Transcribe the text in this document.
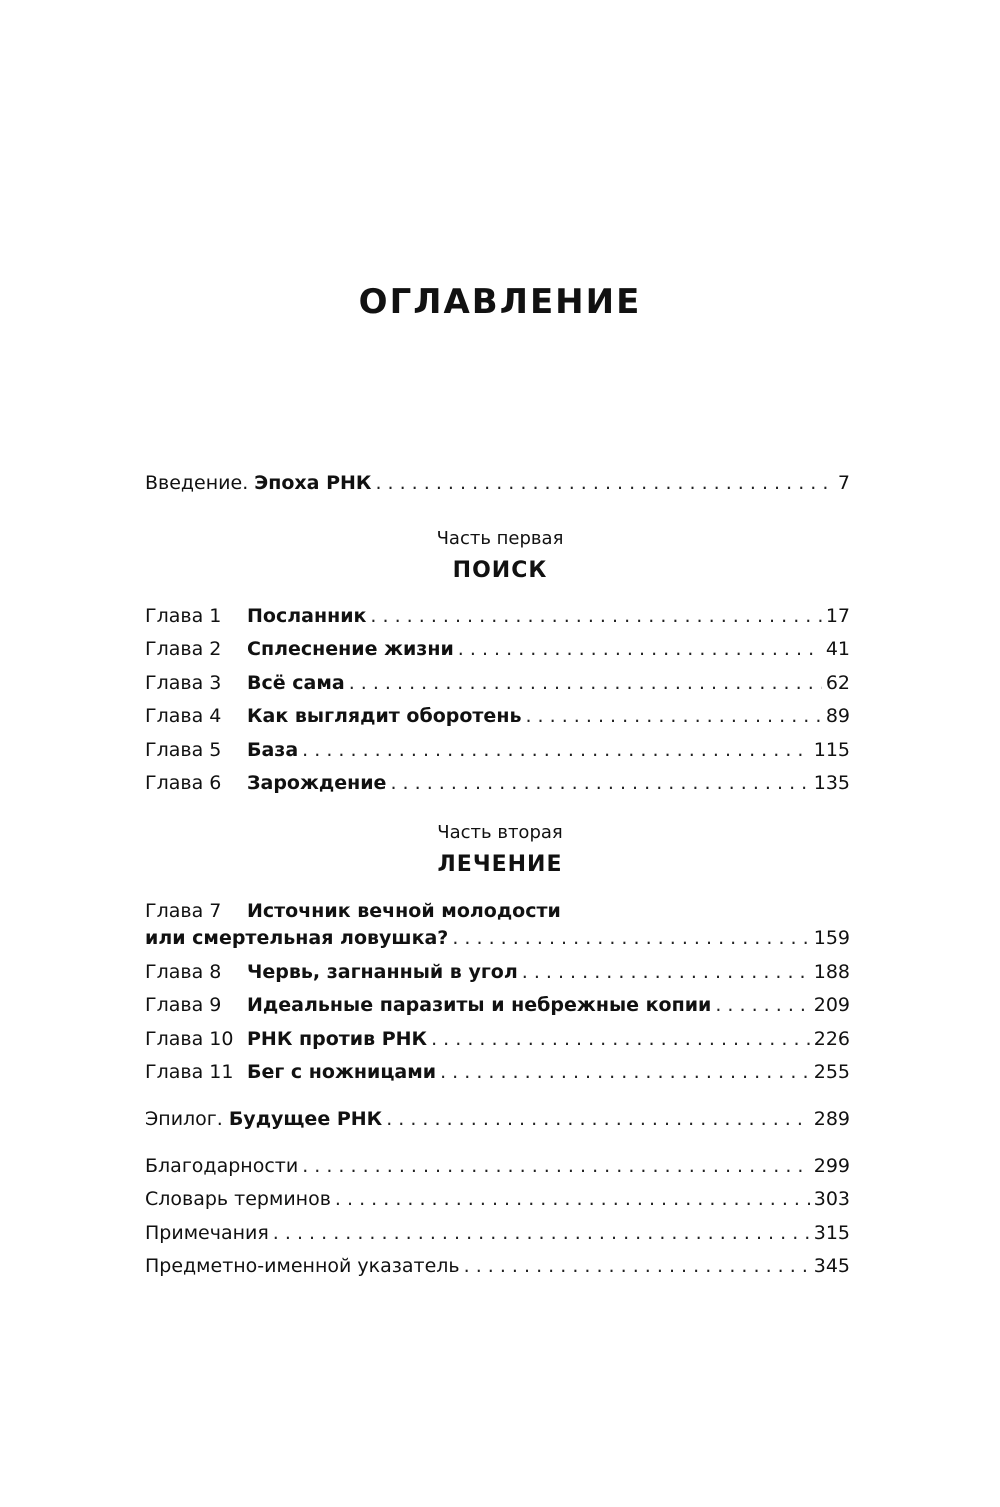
ОГЛАВЛЕНИЕ
Введение. Эпоха РНК . . .	7
Часть первая
ПОИСК
Глава 1	Посланник . . .	17
Глава 2	Сплеснение жизни . . .	41
Глава 3	Всё сама . . .	62
Глава 4	Как выглядит оборотень . . .	89
Глава 5	База . . .	115
Глава 6	Зарождение . . .	135
Часть вторая
ЛЕЧЕНИЕ
Глава 7	Источник вечной молодости
или смертельная ловушка? . . .	159
Глава 8	Червь, загнанный в угол . . .	188
Глава 9	Идеальные паразиты и небрежные копии . . .	209
Глава 10 РНК против РНК . . .	226
Глава 11 Бег с ножницами . . .	255
Эпилог. Будущее РНК . . .	289
Благодарности . . .	299
Словарь терминов . . .	303
Примечания . . .	315
Предметно-именной указатель . . .	345
